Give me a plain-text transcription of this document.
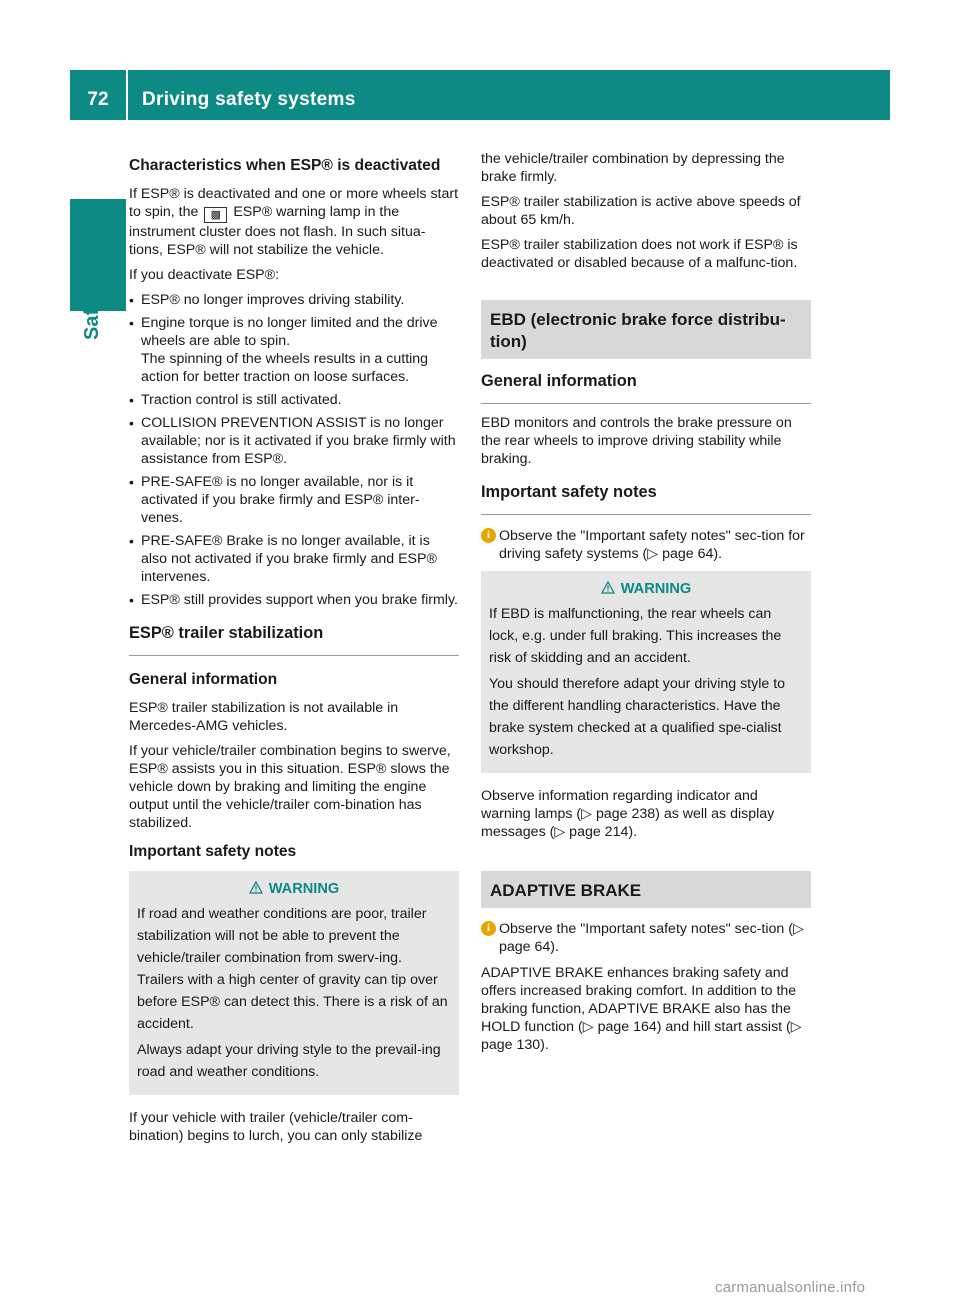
72	Driving safety systems
Safety
Characteristics when ESP® is deactivated

If ESP® is deactivated and one or more wheels start to spin, the ▩ ESP® warning lamp in the instrument cluster does not flash. In such situa-tions, ESP® will not stabilize the vehicle.

If you deactivate ESP®:

• ESP® no longer improves driving stability.
• Engine torque is no longer limited and the drive wheels are able to spin.
The spinning of the wheels results in a cutting action for better traction on loose surfaces.
• Traction control is still activated.
• COLLISION PREVENTION ASSIST is no longer available; nor is it activated if you brake firmly with assistance from ESP®.
• PRE-SAFE® is no longer available, nor is it activated if you brake firmly and ESP® inter-venes.
• PRE-SAFE® Brake is no longer available, it is also not activated if you brake firmly and ESP® intervenes.
• ESP® still provides support when you brake firmly.
ESP® trailer stabilization
General information

ESP® trailer stabilization is not available in Mercedes-AMG vehicles.

If your vehicle/trailer combination begins to swerve, ESP® assists you in this situation. ESP® slows the vehicle down by braking and limiting the engine output until the vehicle/trailer com-bination has stabilized.

Important safety notes
WARNING

If road and weather conditions are poor, trailer stabilization will not be able to prevent the vehicle/trailer combination from swerv-ing. Trailers with a high center of gravity can tip over before ESP® can detect this. There is a risk of an accident.

Always adapt your driving style to the prevail-ing road and weather conditions.

If your vehicle with trailer (vehicle/trailer com-bination) begins to lurch, you can only stabilize

the vehicle/trailer combination by depressing the brake firmly.

ESP® trailer stabilization is active above speeds of about 65 km/h.

ESP® trailer stabilization does not work if ESP® is deactivated or disabled because of a malfunc-tion.

EBD (electronic brake force distribu-tion)
General information

EBD monitors and controls the brake pressure on the rear wheels to improve driving stability while braking.

Important safety notes
i Observe the "Important safety notes" sec-tion for driving safety systems (▷ page 64).

WARNING

If EBD is malfunctioning, the rear wheels can lock, e.g. under full braking. This increases the risk of skidding and an accident.

You should therefore adapt your driving style to the different handling characteristics. Have the brake system checked at a qualified spe-cialist workshop.

Observe information regarding indicator and warning lamps (▷ page 238) as well as display messages (▷ page 214).

ADAPTIVE BRAKE
i Observe the "Important safety notes" sec-tion (▷ page 64).

ADAPTIVE BRAKE enhances braking safety and offers increased braking comfort. In addition to the braking function, ADAPTIVE BRAKE also has the HOLD function (▷ page 164) and hill start assist (▷ page 130).

carmanualsonline.info
